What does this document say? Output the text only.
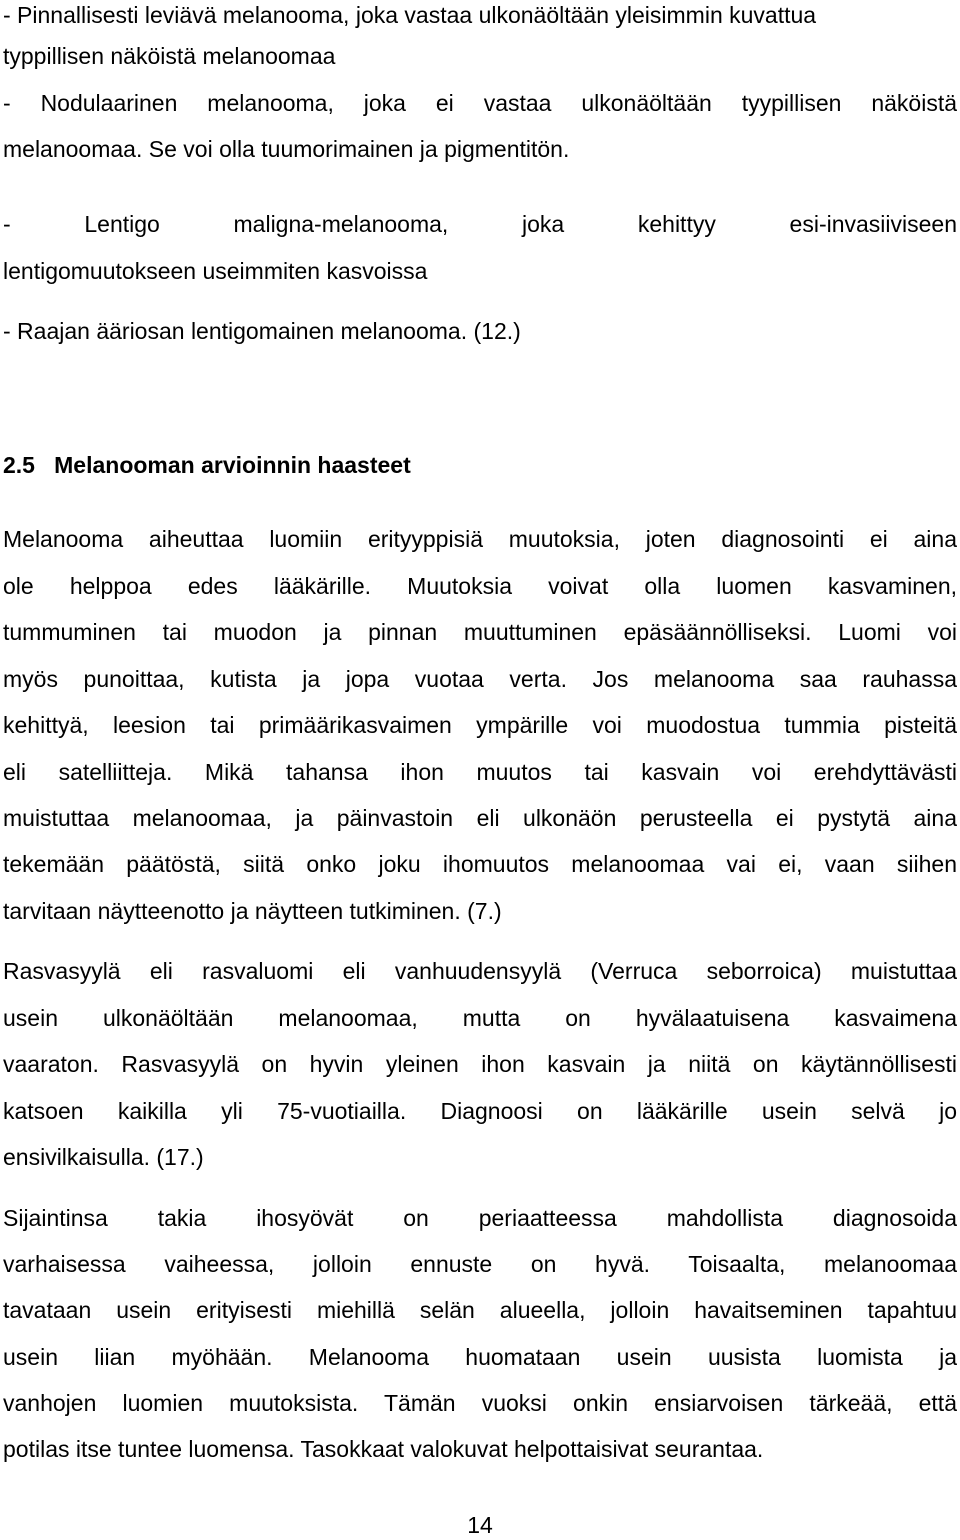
- Pinnallisesti leviävä melanooma, joka vastaa ulkonäöltään yleisimmin kuvattua
typpillisen näköistä melanoomaa
- Nodulaarinen melanooma, joka ei vastaa ulkonäöltään tyypillisen näköistä
melanoomaa. Se voi olla tuumorimainen ja pigmentitön.
- Lentigo maligna-melanooma, joka kehittyy esi-invasiiviseen
lentigomuutokseen useimmiten kasvoissa
- Raajan ääriosan lentigomainen melanooma. (12.)
2.5   Melanooman arvioinnin haasteet
Melanooma aiheuttaa luomiin erityyppisiä muutoksia, joten diagnosointi ei aina
ole helppoa edes lääkärille. Muutoksia voivat olla luomen kasvaminen,
tummuminen tai muodon ja pinnan muuttuminen epäsäännölliseksi. Luomi voi
myös punoittaa, kutista ja jopa vuotaa verta. Jos melanooma saa rauhassa
kehittyä, leesion tai primäärikasvaimen ympärille voi muodostua tummia pisteitä
eli satelliitteja. Mikä tahansa ihon muutos tai kasvain voi erehdyttävästi
muistuttaa melanoomaa, ja päinvastoin eli ulkonäön perusteella ei pystytä aina
tekemään päätöstä, siitä onko joku ihomuutos melanoomaa vai ei, vaan siihen
tarvitaan näytteenotto ja näytteen tutkiminen. (7.)
Rasvasyylä eli rasvaluomi eli vanhuudensyylä (Verruca seborroica) muistuttaa
usein ulkonäöltään melanoomaa, mutta on hyvälaatuisena kasvaimena
vaaraton. Rasvasyylä on hyvin yleinen ihon kasvain ja niitä on käytännöllisesti
katsoen kaikilla yli 75-vuotiailla. Diagnoosi on lääkärille usein selvä jo
ensivilkaisulla. (17.)
Sijaintinsa takia ihosyövät on periaatteessa mahdollista diagnosoida
varhaisessa vaiheessa, jolloin ennuste on hyvä. Toisaalta, melanoomaa
tavataan usein erityisesti miehillä selän alueella, jolloin havaitseminen tapahtuu
usein liian myöhään. Melanooma huomataan usein uusista luomista ja
vanhojen luomien muutoksista. Tämän vuoksi onkin ensiarvoisen tärkeää, että
potilas itse tuntee luomensa. Tasokkaat valokuvat helpottaisivat seurantaa.
14
